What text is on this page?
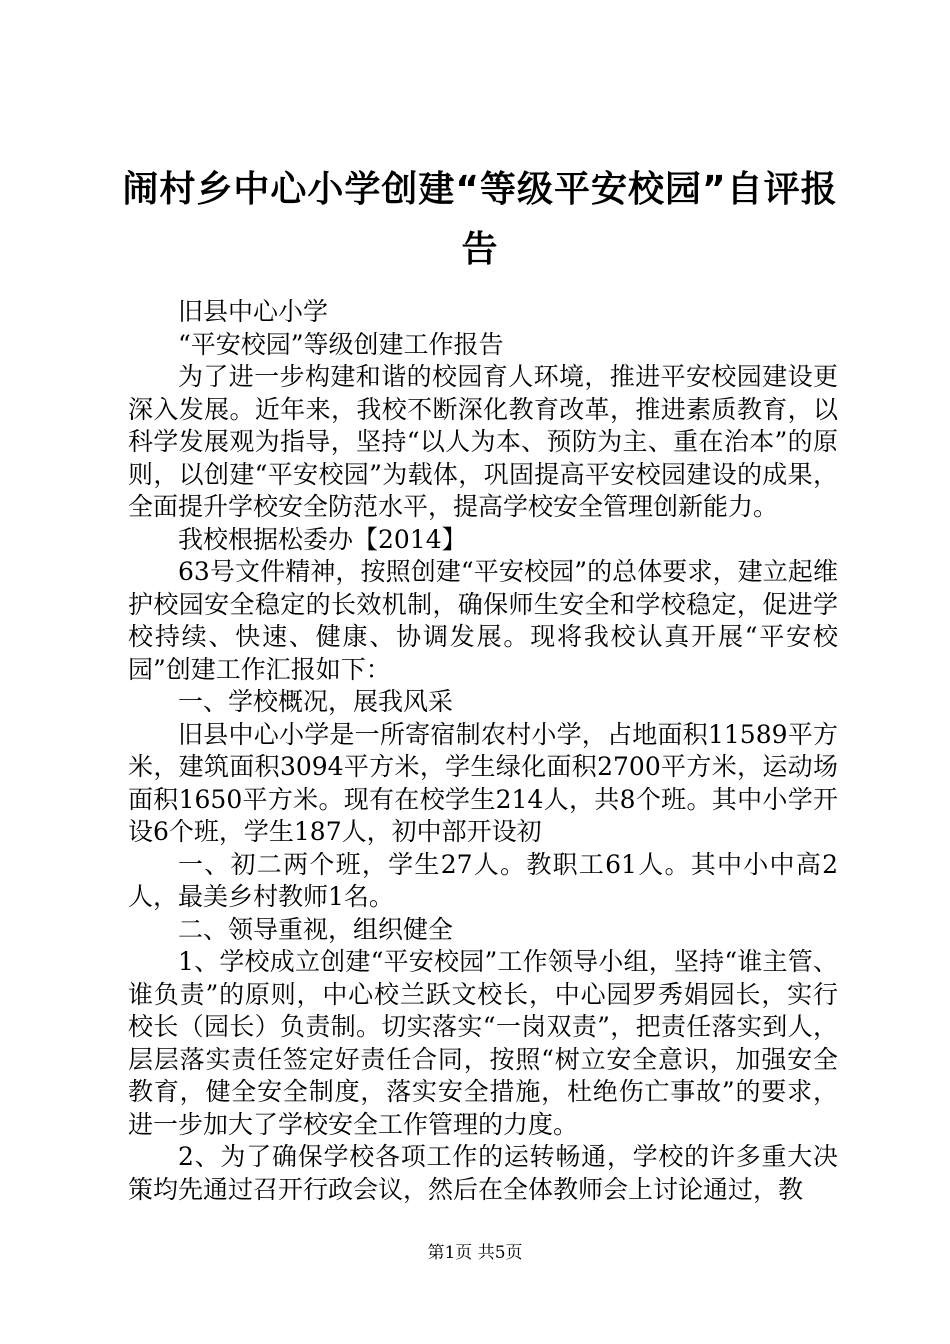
闹村乡中心小学创建“等级平安校园”自评报告

旧县中心小学

“平安校园”等级创建工作报告

为了进一步构建和谐的校园育人环境，推进平安校园建设更深入发展。近年来，我校不断深化教育改革，推进素质教育，以科学发展观为指导，坚持“以人为本、预防为主、重在治本”的原则，以创建“平安校园”为载体，巩固提高平安校园建设的成果，全面提升学校安全防范水平，提高学校安全管理创新能力。

我校根据松委办【2014】

63号文件精神，按照创建“平安校园”的总体要求，建立起维护校园安全稳定的长效机制，确保师生安全和学校稳定，促进学校持续、快速、健康、协调发展。现将我校认真开展“平安校园”创建工作汇报如下：

一、学校概况，展我风采

旧县中心小学是一所寄宿制农村小学，占地面积11589平方米，建筑面积3094平方米，学生绿化面积2700平方米，运动场面积1650平方米。现有在校学生214人，共8个班。其中小学开设6个班，学生187人，初中部开设初

一、初二两个班，学生27人。教职工61人。其中小中高2人，最美乡村教师1名。

二、领导重视，组织健全

1、学校成立创建“平安校园”工作领导小组，坚持“谁主管、谁负责”的原则，中心校兰跃文校长，中心园罗秀娟园长，实行校长（园长）负责制。切实落实“一岗双责”，把责任落实到人，层层落实责任签定好责任合同，按照“树立安全意识，加强安全教育，健全安全制度，落实安全措施，杜绝伤亡事故”的要求，进一步加大了学校安全工作管理的力度。

2、为了确保学校各项工作的运转畅通，学校的许多重大决策均先通过召开行政会议，然后在全体教师会上讨论通过，教

第1页 共5页
